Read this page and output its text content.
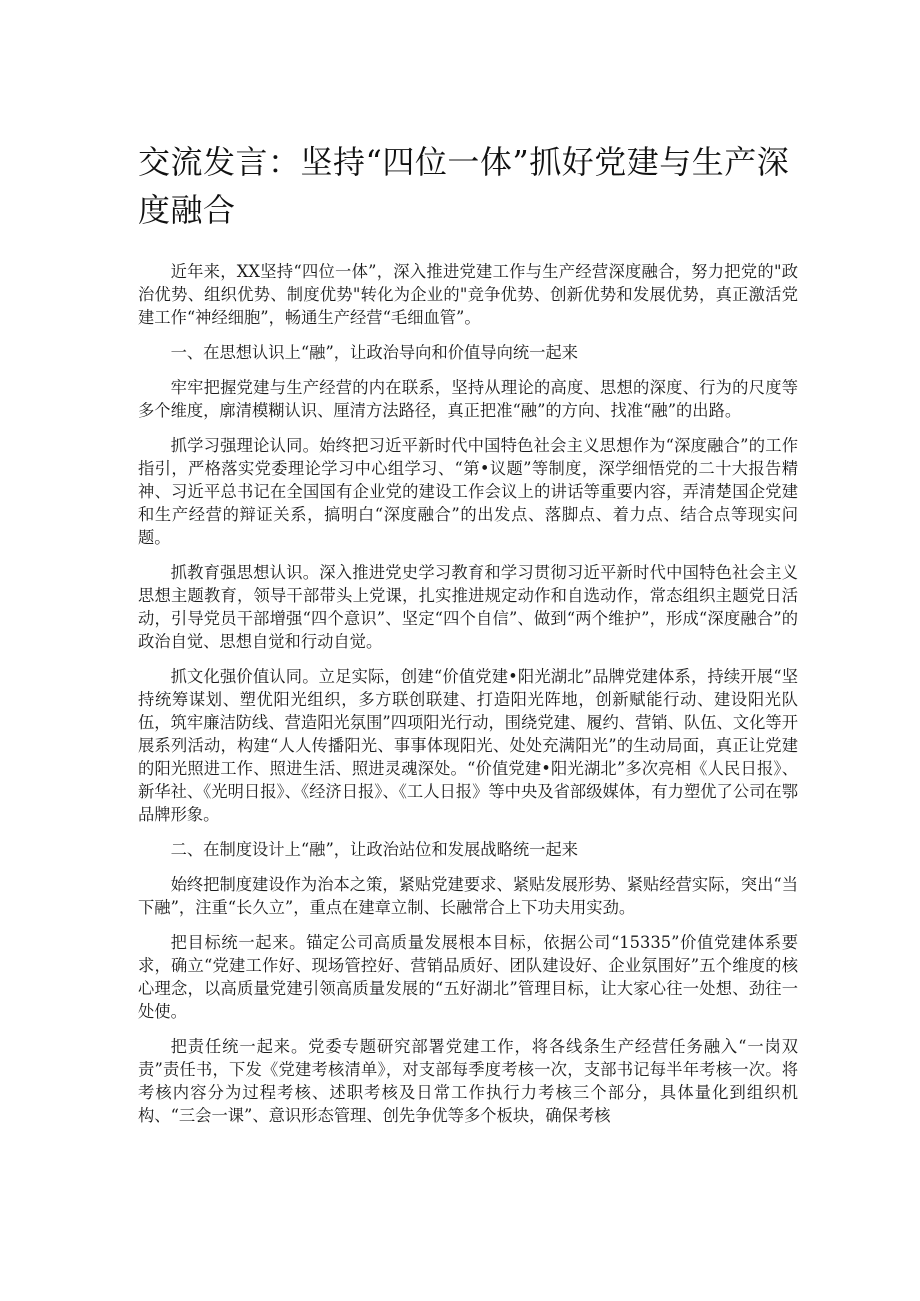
交流发言：坚持“四位一体”抓好党建与生产深度融合

近年来，XX坚持“四位一体”，深入推进党建工作与生产经营深度融合，努力把党的"政治优势、组织优势、制度优势"转化为企业的"竞争优势、创新优势和发展优势，真正激活党建工作“神经细胞”，畅通生产经营“毛细血管”。

一、在思想认识上“融”，让政治导向和价值导向统一起来

牢牢把握党建与生产经营的内在联系，坚持从理论的高度、思想的深度、行为的尺度等多个维度，廓清模糊认识、厘清方法路径，真正把准“融”的方向、找准“融”的出路。

抓学习强理论认同。始终把习近平新时代中国特色社会主义思想作为“深度融合”的工作指引，严格落实党委理论学习中心组学习、“第•议题”等制度，深学细悟党的二十大报告精神、习近平总书记在全国国有企业党的建设工作会议上的讲话等重要内容，弄清楚国企党建和生产经营的辩证关系，搞明白“深度融合”的出发点、落脚点、着力点、结合点等现实问题。

抓教育强思想认识。深入推进党史学习教育和学习贯彻习近平新时代中国特色社会主义思想主题教育，领导干部带头上党课，扎实推进规定动作和自选动作，常态组织主题党日活动，引导党员干部增强“四个意识”、坚定“四个自信”、做到“两个维护”，形成“深度融合”的政治自觉、思想自觉和行动自觉。

抓文化强价值认同。立足实际，创建“价值党建•阳光湖北”品牌党建体系，持续开展“坚持统筹谋划、塑优阳光组织，多方联创联建、打造阳光阵地，创新赋能行动、建设阳光队伍，筑牢廉洁防线、营造阳光氛围”四项阳光行动，围绕党建、履约、营销、队伍、文化等开展系列活动，构建“人人传播阳光、事事体现阳光、处处充满阳光”的生动局面，真正让党建的阳光照进工作、照进生活、照进灵魂深处。“价值党建•阳光湖北”多次亮相《人民日报》、新华社、《光明日报》、《经济日报》、《工人日报》等中央及省部级媒体，有力塑优了公司在鄂品牌形象。

二、在制度设计上“融”，让政治站位和发展战略统一起来

始终把制度建设作为治本之策，紧贴党建要求、紧贴发展形势、紧贴经营实际，突出“当下融”，注重“长久立”，重点在建章立制、长融常合上下功夫用实劲。

把目标统一起来。锚定公司高质量发展根本目标，依据公司“15335”价值党建体系要求，确立“党建工作好、现场管控好、营销品质好、团队建设好、企业氛围好”五个维度的核心理念，以高质量党建引领高质量发展的“五好湖北”管理目标，让大家心往一处想、劲往一处使。

把责任统一起来。党委专题研究部署党建工作，将各线条生产经营任务融入“一岗双责”责任书，下发《党建考核清单》，对支部每季度考核一次，支部书记每半年考核一次。将考核内容分为过程考核、述职考核及日常工作执行力考核三个部分，具体量化到组织机构、“三会一课”、意识形态管理、创先争优等多个板块，确保考核
